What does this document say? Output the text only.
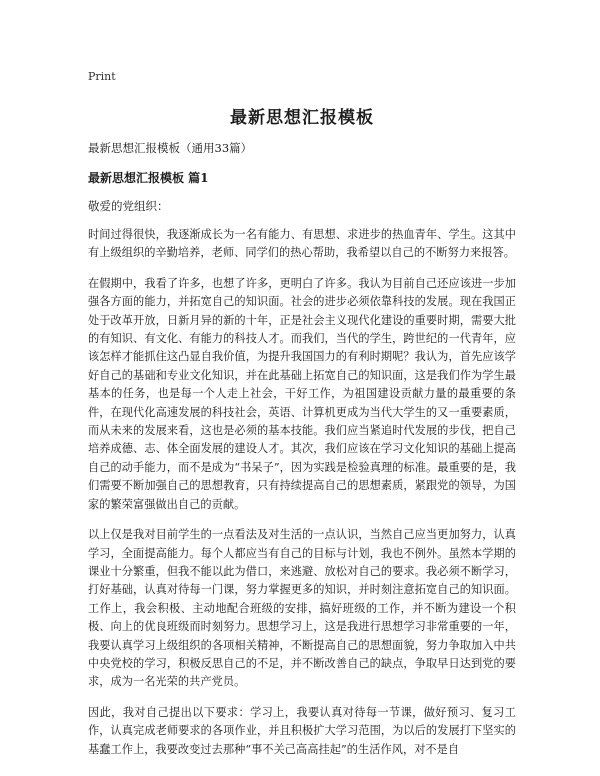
Print
最新思想汇报模板
最新思想汇报模板（通用33篇）
最新思想汇报模板 篇1
敬爱的党组织：

时间过得很快，我逐渐成长为一名有能力、有思想、求进步的热血青年、学生。这其中有上级组织的辛勤培养，老师、同学们的热心帮助，我希望以自己的不断努力来报答。

在假期中，我看了许多，也想了许多，更明白了许多。我认为目前自己还应该进一步加强各方面的能力，并拓宽自己的知识面。社会的进步必须依靠科技的发展。现在我国正处于改革开放，日新月异的新的十年，正是社会主义现代化建设的重要时期，需要大批的有知识、有文化、有能力的科技人才。而我们，当代的学生，跨世纪的一代青年，应该怎样才能抓住这凸显自我价值，为提升我国国力的有利时期呢？我认为，首先应该学好自己的基础和专业文化知识，并在此基础上拓宽自己的知识面，这是我们作为学生最基本的任务，也是每一个人走上社会，干好工作，为祖国建设贡献力量的最重要的条件，在现代化高速发展的科技社会，英语、计算机更成为当代大学生的又一重要素质，而从未来的发展来看，这也是必须的基本技能。我们应当紧追时代发展的步伐，把自己培养成德、志、体全面发展的建设人才。其次，我们应该在学习文化知识的基础上提高自己的动手能力，而不是成为“书呆子”，因为实践是检验真理的标准。最重要的是，我们需要不断加强自己的思想教育，只有持续提高自己的思想素质，紧跟党的领导，为国家的繁荣富强做出自己的贡献。

以上仅是我对目前学生的一点看法及对生活的一点认识，当然自己应当更加努力，认真学习，全面提高能力。每个人都应当有自己的目标与计划，我也不例外。虽然本学期的课业十分繁重，但我不能以此为借口，来逃避、放松对自己的要求。我必须不断学习，打好基础，认真对待每一门课，努力掌握更多的知识，并时刻注意拓宽自己的知识面。工作上，我会积极、主动地配合班级的安排，搞好班级的工作，并不断为建设一个积极、向上的优良班级而时刻努力。思想学习上，这是我进行思想学习非常重要的一年，我要认真学习上级组织的各项相关精神，不断提高自己的思想面貌，努力争取加入中共中央党校的学习，积极反思自己的不足，并不断改善自己的缺点，争取早日达到党的要求，成为一名光荣的共产党员。

因此，我对自己提出以下要求：学习上，我要认真对待每一节课，做好预习、复习工作，认真完成老师要求的各项作业，并且积极扩大学习范围，为以后的发展打下坚实的基蠢工作上，我要改变过去那种“事不关己高高挂起”的生活作风，对不是自
